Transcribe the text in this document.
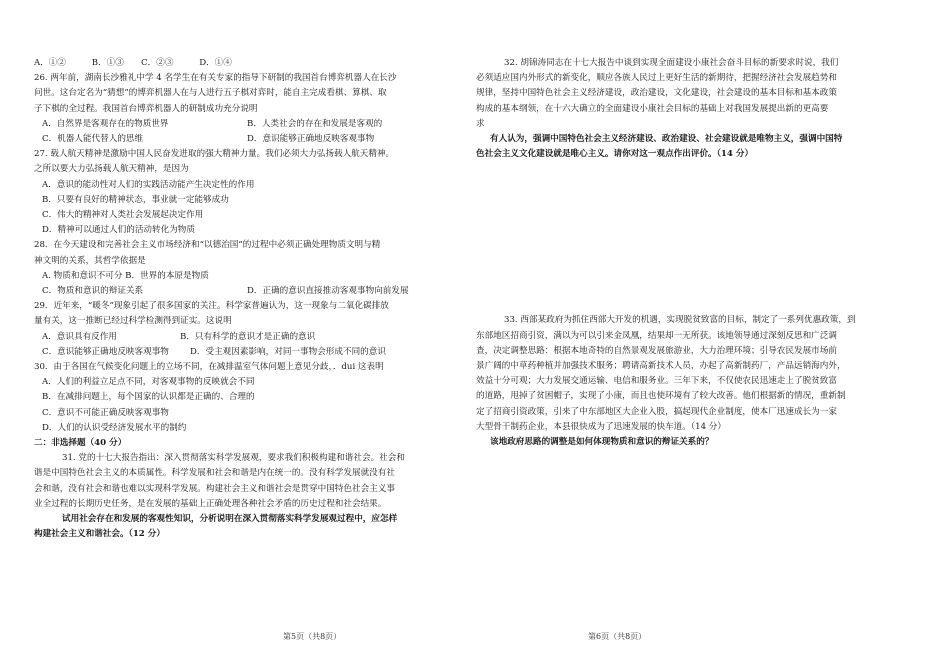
A．①②　　　B．①③　　C．②③　　　D．①④
26. 两年前，湖南长沙雅礼中学 4 名学生在有关专家的指导下研制的我国首台博弈机器人在长沙
问世。这台定名为“猜想”的博弈机器人在与人进行五子棋对弈时，能自主完成看棋、算棋、取
子下棋的全过程。我国首台博弈机器人的研制成功充分说明
A．自然界是客观存在的物质世界	B．人类社会的存在和发展是客观的
C．机器人能代替人的思维	D．意识能够正确地反映客观事物
27. 载人航天精神是激励中国人民奋发进取的强大精神力量。我们必须大力弘扬载人航天精神。
之所以要大力弘扬载人航天精神，是因为
A．意识的能动性对人们的实践活动能产生决定性的作用
B．只要有良好的精神状态，事业就一定能够成功
C．伟大的精神对人类社会发展起决定作用
D．精神可以通过人们的活动转化为物质
28．在今天建设和完善社会主义市场经济和“以德治国”的过程中必须正确处理物质文明与精
神文明的关系，其哲学依据是
A. 物质和意识不可分 B．世界的本原是物质
C．物质和意识的辩证关系	D．正确的意识直接推动客观事物向前发展
29．近年来，“暖冬”现象引起了很多国家的关注。科学家普遍认为，这一现象与二氧化碳排放
量有关，这一推断已经过科学检测得到证实。这说明
A．意识具有反作用	B．只有科学的意识才是正确的意识
C．意识能够正确地反映客观事物	D．受主观因素影响，对同一事物会形成不同的意识
30．由于各国在气候变化问题上的立场不同，在减排温室气体问题上意见分歧，．dui 这表明
A．人们的利益立足点不同，对客观事物的反映就会不同
B．在减排问题上，每个国家的认识都是正确的、合理的
C．意识不可能正确反映客观事物
D．人们的认识受经济发展水平的制约
二：非选择题（40 分）
31. 党的十七大报告指出：深入贯彻落实科学发展观，要求我们积极构建和谐社会。社会和
谐是中国特色社会主义的本质属性。科学发展和社会和谐是内在统一的。没有科学发展就没有社
会和谐，没有社会和谐也难以实现科学发展。构建社会主义和谐社会是贯穿中国特色社会主义事
业全过程的长期历史任务，是在发展的基础上正确处理各种社会矛盾的历史过程和社会结果。
试用社会存在和发展的客观性知识，分析说明在深入贯彻落实科学发展观过程中，应怎样
构建社会主义和谐社会。（12 分）
32. 胡锦涛同志在十七大报告中谈到实现全面建设小康社会奋斗目标的新要求时说，我们
必须适应国内外形式的新变化，顺应各族人民过上更好生活的新期待，把握经济社会发展趋势和
规律，坚持中国特色社会主义经济建设，政治建设，文化建设，社会建设的基本目标和基本政策
构成的基本纲领，在十六大确立的全面建设小康社会目标的基础上对我国发展提出新的更高要
求
有人认为，强调中国特色社会主义经济建设、政治建设、社会建设就是唯物主义，强调中国特
色社会主义文化建设就是唯心主义。请你对这一观点作出评价。（14 分）
33. 西部某政府为抓住西部大开发的机遇，实现脱贫致富的目标，制定了一系列优惠政策，到
东部地区招商引资，满以为可以引来金凤凰，结果却一无所获。该地领导通过深刻反思和广泛调
查，决定调整思路：根据本地奇特的自然景观发展旅游业，大力治理环境；引导农民发展市场前
景广阔的中草药种植并加强技术服务；聘请高新技术人员，办起了高新制药厂，产品远销海内外，
效益十分可观；大力发展交通运输、电信和服务业。三年下来，不仅使农民迅速走上了脱贫致富
的道路，甩掉了贫困帽子，实现了小康，而且也使环境有了较大改善。他们根据新的情况，重新制
定了招商引资政策，引来了中东部地区大企业入股，搞起现代企业制度，使本厂迅速成长为一家
大型骨干制药企业，本县很快成为了迅速发展的快车道。（14 分）
该地政府思路的调整是如何体现物质和意识的辩证关系的？
第5页（共8页）	第6页（共8页）
